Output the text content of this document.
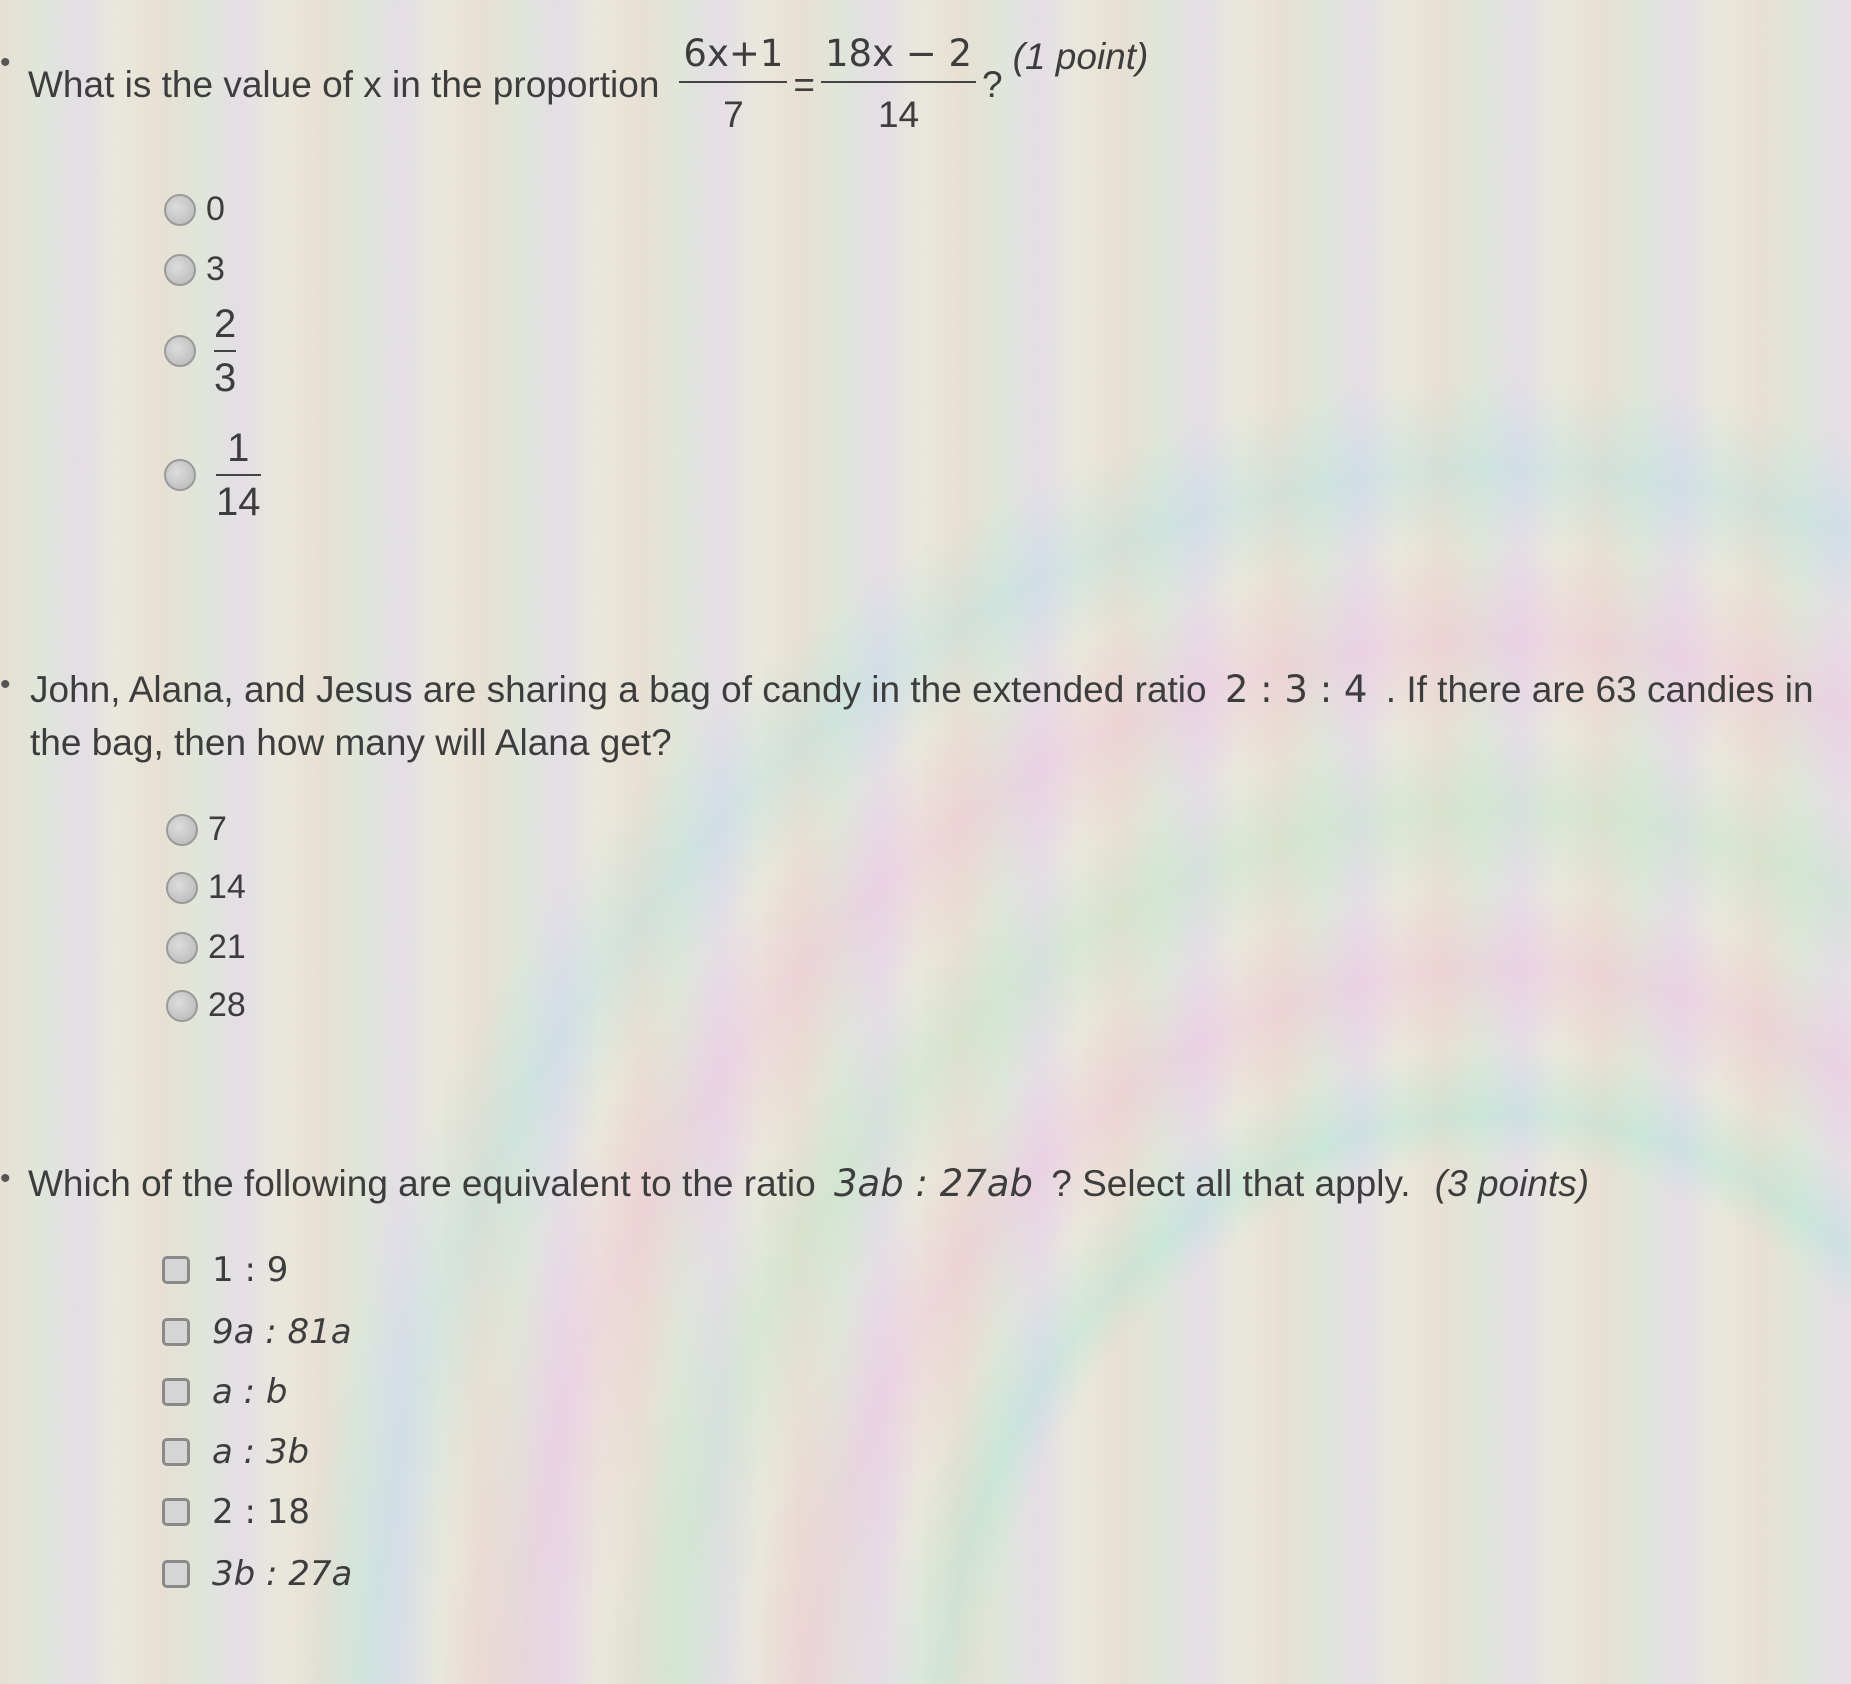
•
What is the value of x in the proportion $\frac{6x+1}{7} = \frac{18x - 2}{14}$ ?
(1 point)
0
3
$\frac{2}{3}$
$\frac{1}{14}$
• John, Alana, and Jesus are sharing a bag of candy in the extended ratio 2 : 3 : 4 . If there are 63 candies in
the bag, then how many will Alana get?
7
14
21
28
• Which of the following are equivalent to the ratio 3ab : 27ab ? Select all that apply. (3 points)
1 : 9
9a : 81a
a : b
a : 3b
2 : 18
3b : 27a
